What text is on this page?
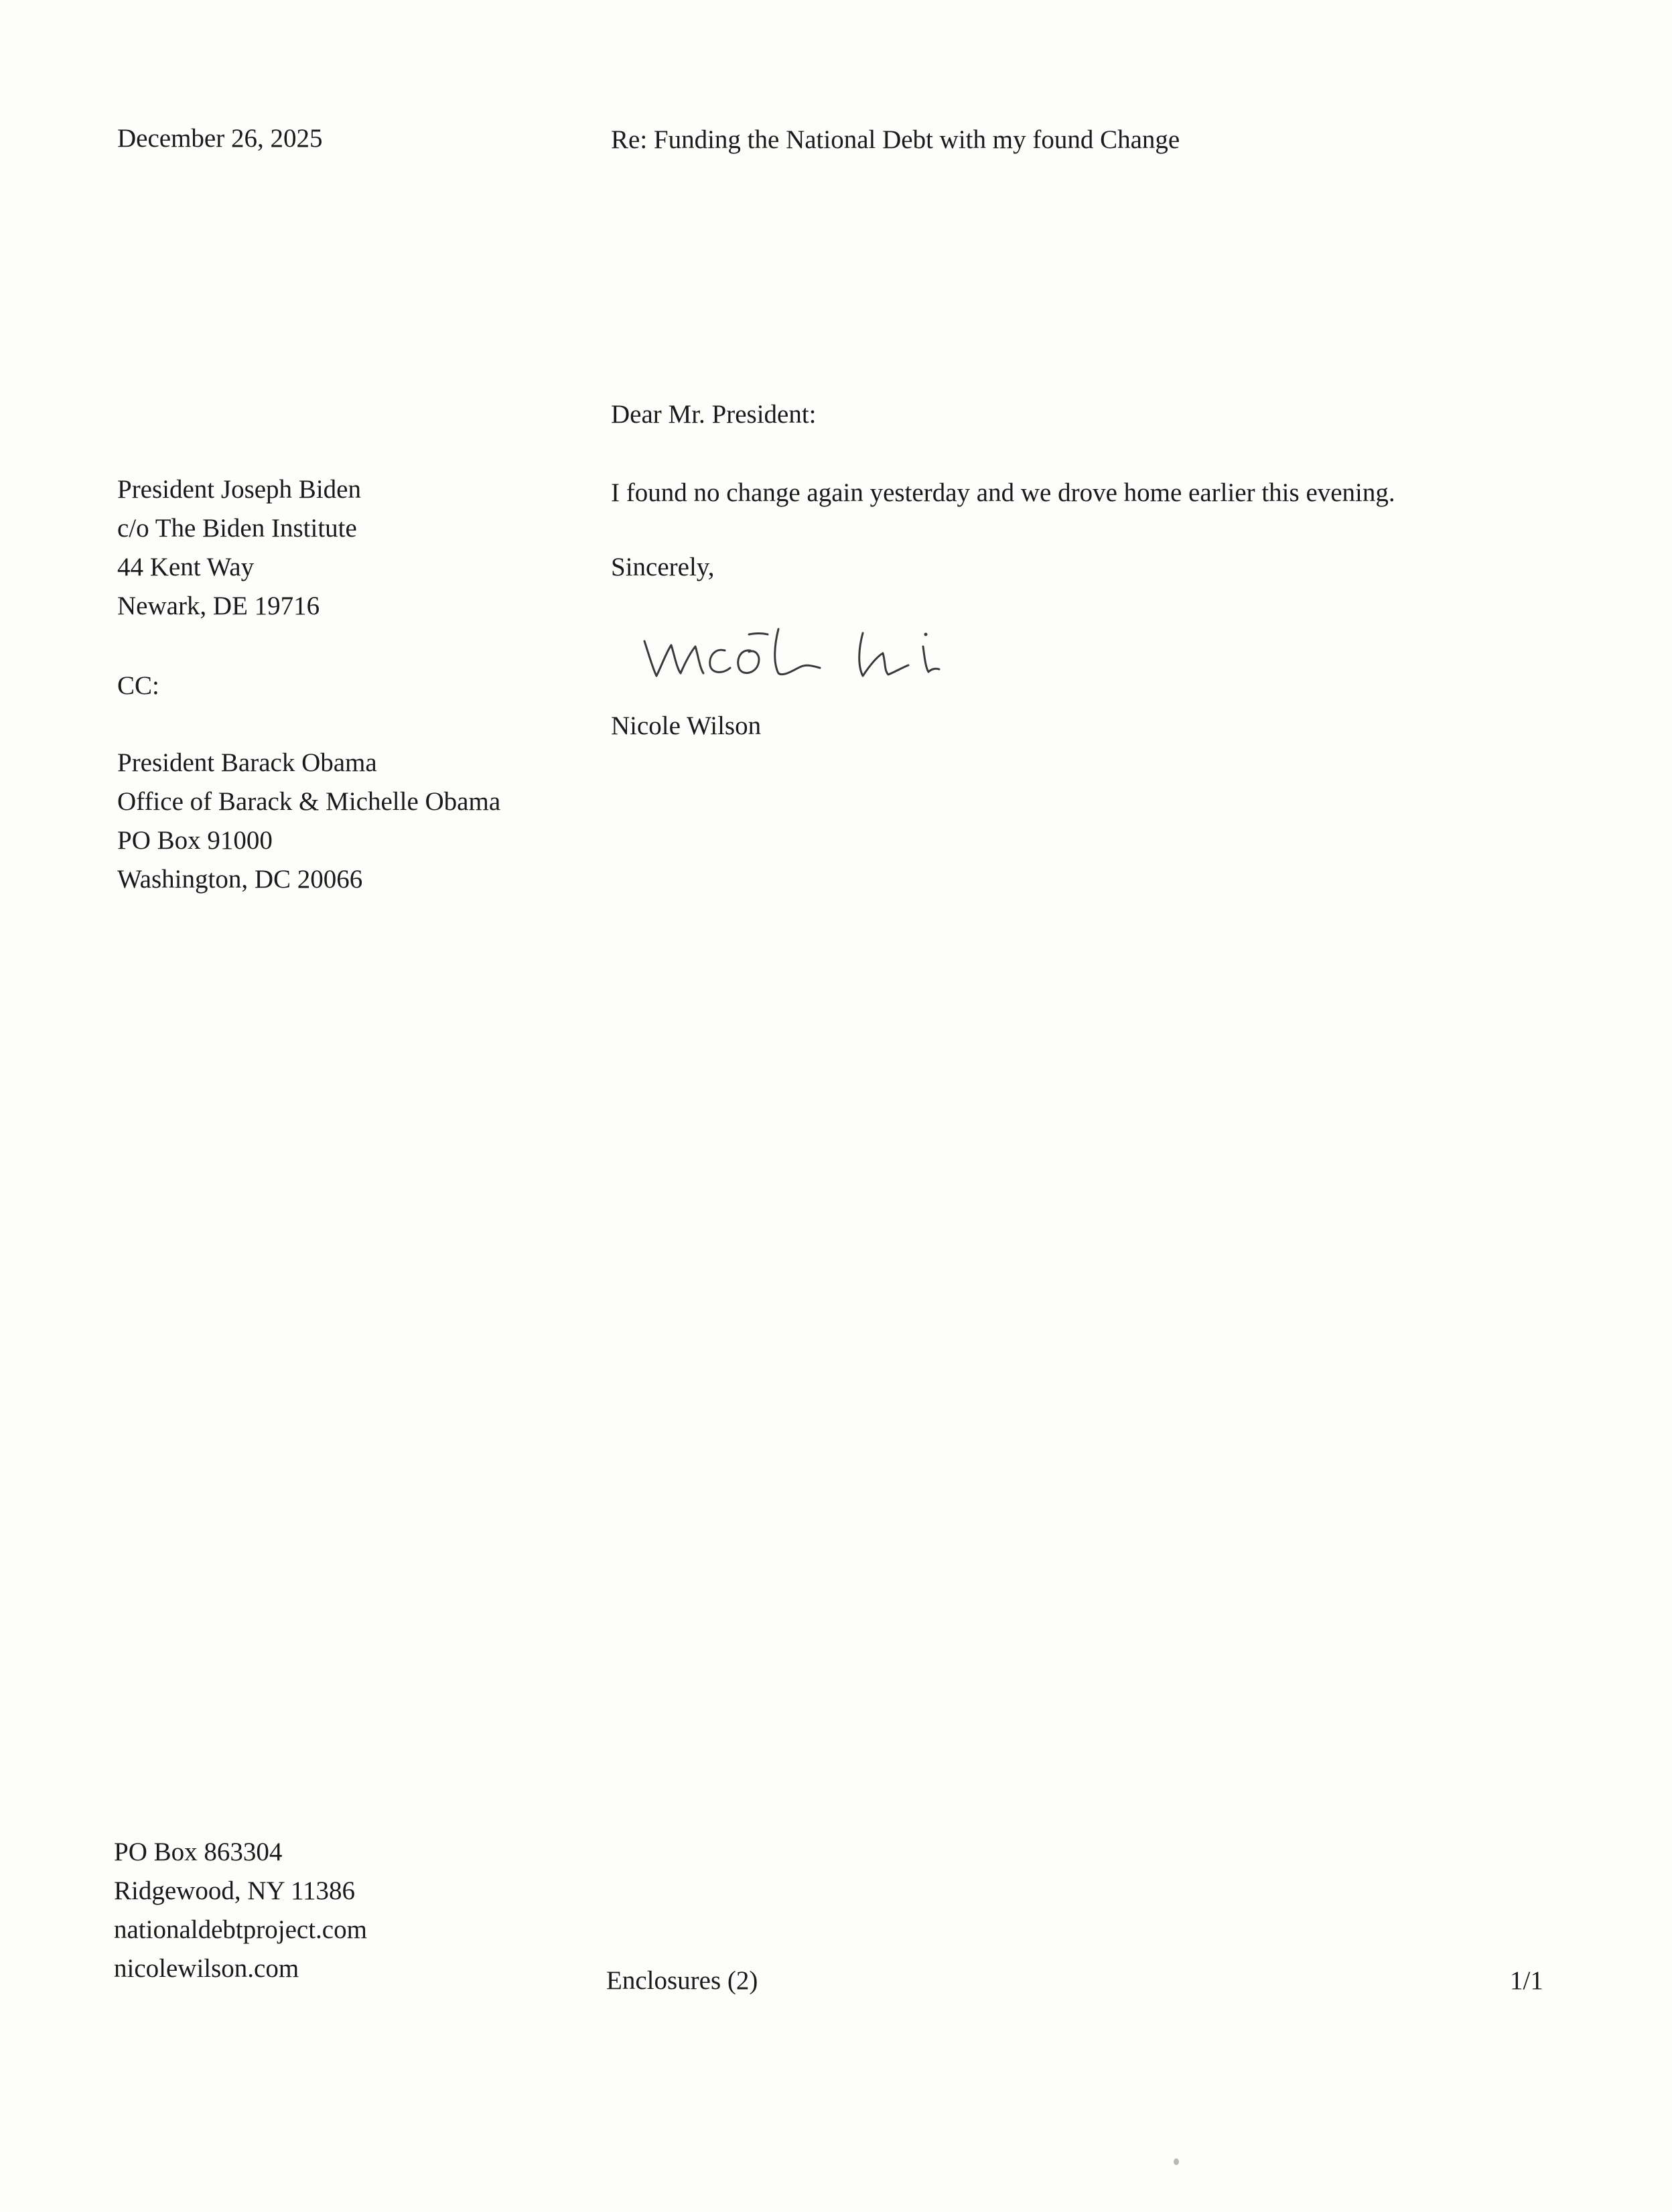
December 26, 2025	Re: Funding the National Debt with my found Change
Dear Mr. President:
President Joseph Biden
c/o The Biden Institute
44 Kent Way
Newark, DE 19716
I found no change again yesterday and we drove home earlier this evening.
Sincerely,
Nicole Wilson
CC:
President Barack Obama
Office of Barack & Michelle Obama
PO Box 91000
Washington, DC 20066
PO Box 863304
Ridgewood, NY 11386
nationaldebtproject.com
nicolewilson.com	Enclosures (2)	1/1
